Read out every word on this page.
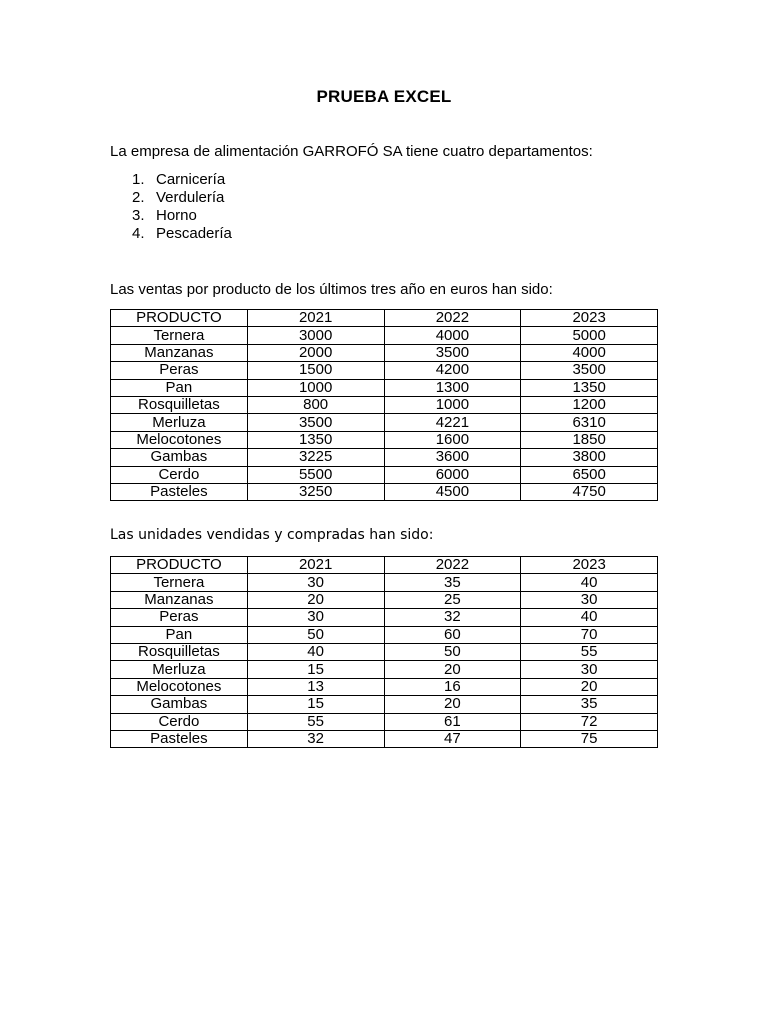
PRUEBA EXCEL
La empresa de alimentación GARROFÓ SA tiene cuatro departamentos:
1. Carnicería
2. Verdulería
3. Horno
4. Pescadería
Las ventas por producto de los últimos tres año en euros han sido:
PRODUCTO	2021	2022	2023
Ternera	3000	4000	5000
Manzanas	2000	3500	4000
Peras	1500	4200	3500
Pan	1000	1300	1350
Rosquilletas	800	1000	1200
Merluza	3500	4221	6310
Melocotones	1350	1600	1850
Gambas	3225	3600	3800
Cerdo	5500	6000	6500
Pasteles	3250	4500	4750
Las unidades vendidas y compradas han sido:
PRODUCTO	2021	2022	2023
Ternera	30	35	40
Manzanas	20	25	30
Peras	30	32	40
Pan	50	60	70
Rosquilletas	40	50	55
Merluza	15	20	30
Melocotones	13	16	20
Gambas	15	20	35
Cerdo	55	61	72
Pasteles	32	47	75
